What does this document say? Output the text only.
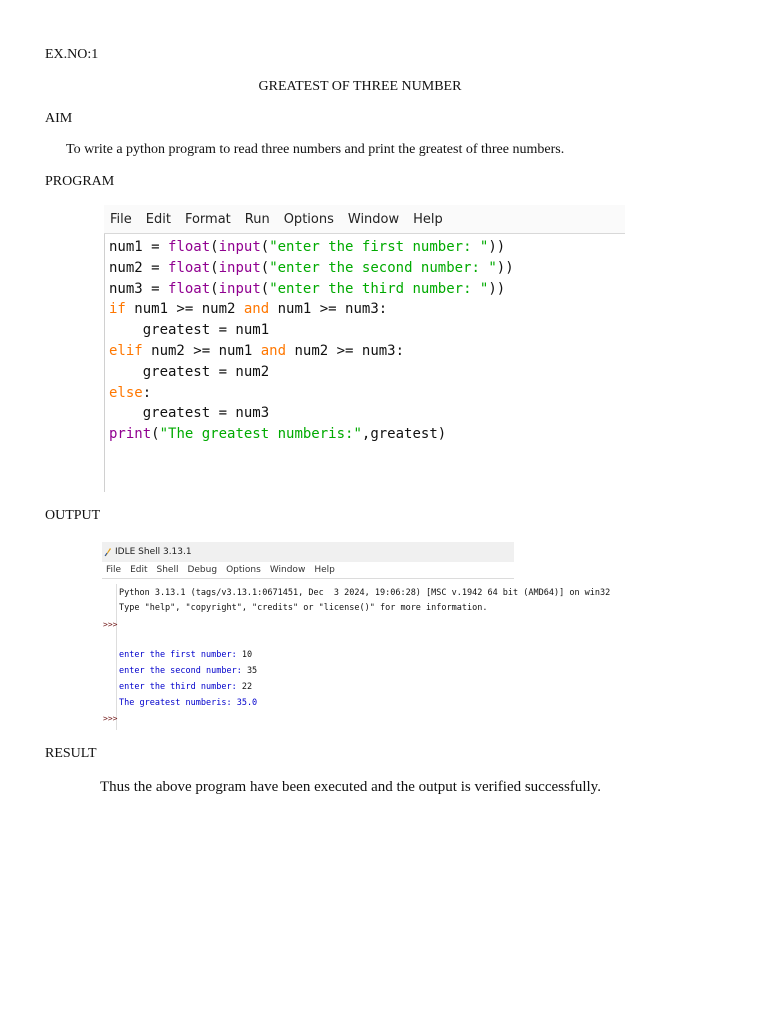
EX.NO:1
GREATEST OF THREE NUMBER
AIM
To write a python program to read three numbers and print the greatest of three numbers.
PROGRAM
File Edit Format Run Options Window Help
num1 = float(input("enter the first number: "))
num2 = float(input("enter the second number: "))
num3 = float(input("enter the third number: "))
if num1 >= num2 and num1 >= num3:
greatest = num1
elif num2 >= num1 and num2 >= num3:
greatest = num2
else:
greatest = num3
print("The greatest numberis:",greatest)
OUTPUT
IDLE Shell 3.13.1
File Edit Shell Debug Options Window Help
>>>
>>>
Python 3.13.1 (tags/v3.13.1:0671451, Dec  3 2024, 19:06:28) [MSC v.1942 64 bit (AMD64)] on win32
Type "help", "copyright", "credits" or "license()" for more information.
enter the first number: 10
enter the second number: 35
enter the third number: 22
The greatest numberis: 35.0
RESULT
Thus the above program have been executed and the output is verified successfully.
